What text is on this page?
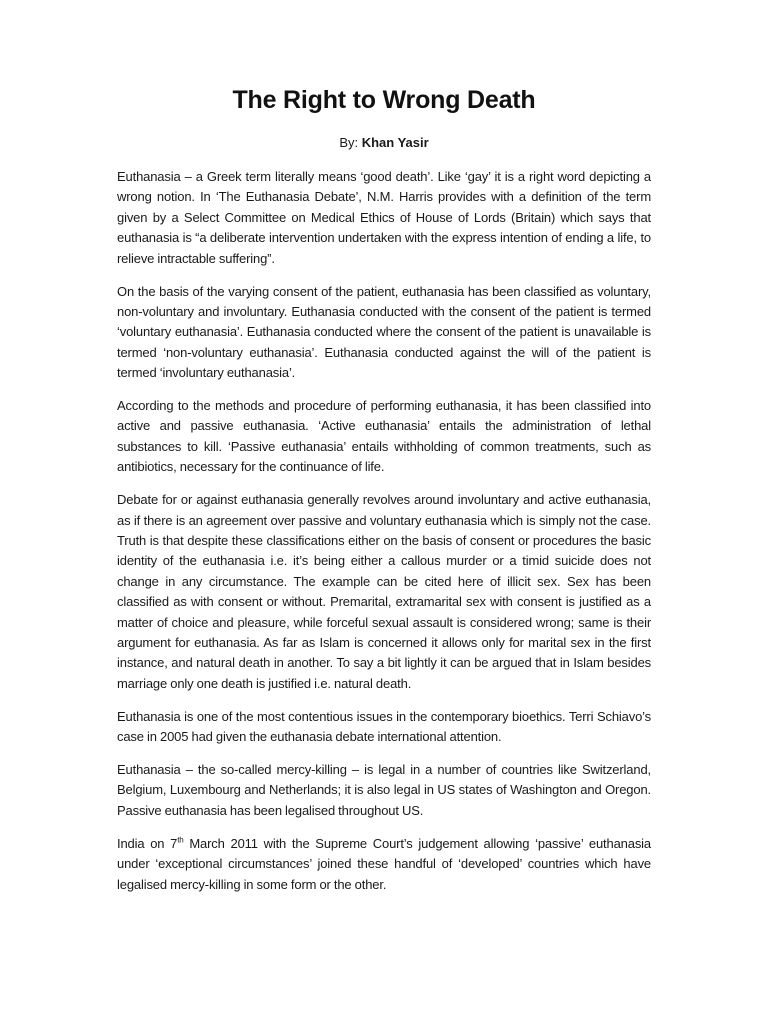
The Right to Wrong Death

By: Khan Yasir

Euthanasia – a Greek term literally means ‘good death’. Like ‘gay’ it is a right word depicting a wrong notion. In ‘The Euthanasia Debate’, N.M. Harris provides with a definition of the term given by a Select Committee on Medical Ethics of House of Lords (Britain) which says that euthanasia is “a deliberate intervention undertaken with the express intention of ending a life, to relieve intractable suffering”.

On the basis of the varying consent of the patient, euthanasia has been classified as voluntary, non-voluntary and involuntary. Euthanasia conducted with the consent of the patient is termed ‘voluntary euthanasia’. Euthanasia conducted where the consent of the patient is unavailable is termed ‘non-voluntary euthanasia’. Euthanasia conducted against the will of the patient is termed ‘involuntary euthanasia’.

According to the methods and procedure of performing euthanasia, it has been classified into active and passive euthanasia. ‘Active euthanasia’ entails the administration of lethal substances to kill. ‘Passive euthanasia’ entails withholding of common treatments, such as antibiotics, necessary for the continuance of life.

Debate for or against euthanasia generally revolves around involuntary and active euthanasia, as if there is an agreement over passive and voluntary euthanasia which is simply not the case. Truth is that despite these classifications either on the basis of consent or procedures the basic identity of the euthanasia i.e. it’s being either a callous murder or a timid suicide does not change in any circumstance. The example can be cited here of illicit sex. Sex has been classified as with consent or without. Premarital, extramarital sex with consent is justified as a matter of choice and pleasure, while forceful sexual assault is considered wrong; same is their argument for euthanasia. As far as Islam is concerned it allows only for marital sex in the first instance, and natural death in another. To say a bit lightly it can be argued that in Islam besides marriage only one death is justified i.e. natural death.

Euthanasia is one of the most contentious issues in the contemporary bioethics. Terri Schiavo’s case in 2005 had given the euthanasia debate international attention.

Euthanasia – the so-called mercy-killing – is legal in a number of countries like Switzerland, Belgium, Luxembourg and Netherlands; it is also legal in US states of Washington and Oregon. Passive euthanasia has been legalised throughout US.

India on 7th March 2011 with the Supreme Court’s judgement allowing ‘passive’ euthanasia under ‘exceptional circumstances’ joined these handful of ‘developed’ countries which have legalised mercy-killing in some form or the other.
